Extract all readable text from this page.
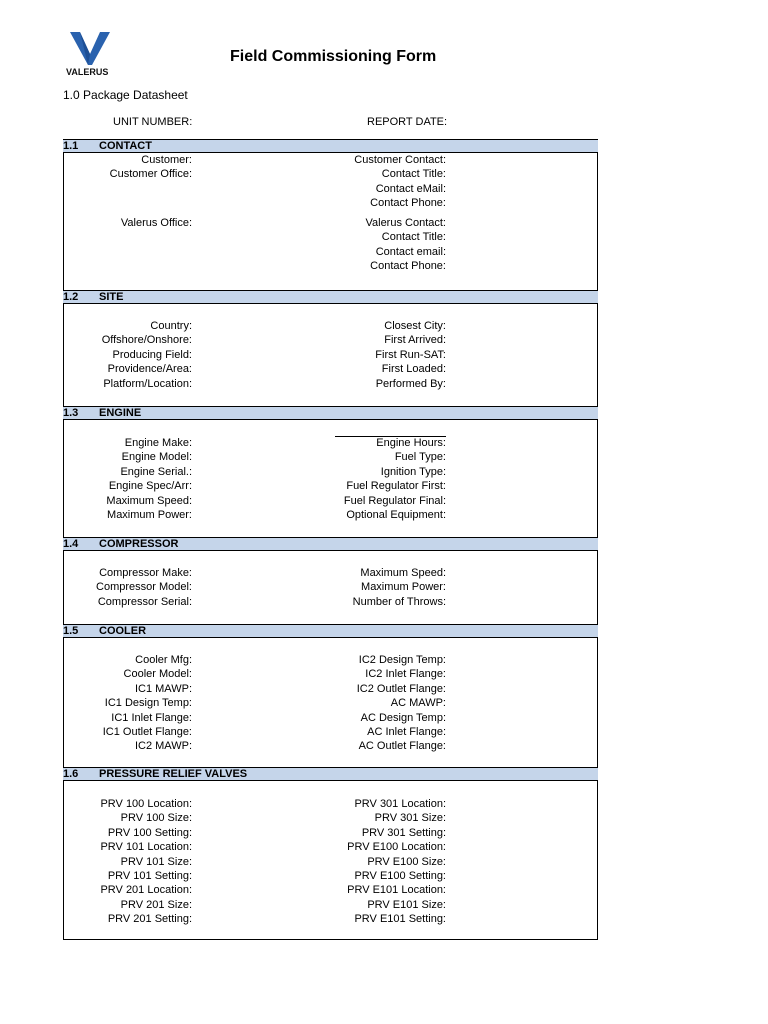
VALERUS
Field Commissioning Form
1.0 Package Datasheet
UNIT NUMBER:	REPORT DATE:
1.1 CONTACT
Customer:
Customer Office:
Valerus Office:
Customer Contact:
Contact Title:
Contact eMail:
Contact Phone:
Valerus Contact:
Contact Title:
Contact email:
Contact Phone:
1.2 SITE
Country:
Offshore/Onshore:
Producing Field:
Providence/Area:
Platform/Location:
Closest City:
First Arrived:
First Run-SAT:
First Loaded:
Performed By:
1.3 ENGINE
Engine Make:
Engine Model:
Engine Serial.:
Engine Spec/Arr:
Maximum Speed:
Maximum Power:
Engine Hours:
Fuel Type:
Ignition Type:
Fuel Regulator First:
Fuel Regulator Final:
Optional Equipment:
1.4 COMPRESSOR
Compressor Make:
Compressor Model:
Compressor Serial:
Maximum Speed:
Maximum Power:
Number of Throws:
1.5 COOLER
Cooler Mfg:
Cooler Model:
IC1 MAWP:
IC1 Design Temp:
IC1 Inlet Flange:
IC1 Outlet Flange:
IC2 MAWP:
IC2 Design Temp:
IC2 Inlet Flange:
IC2 Outlet Flange:
AC MAWP:
AC Design Temp:
AC Inlet Flange:
AC Outlet Flange:
1.6 PRESSURE RELIEF VALVES
PRV 100 Location:
PRV 100 Size:
PRV 100 Setting:
PRV 101 Location:
PRV 101 Size:
PRV 101 Setting:
PRV 201 Location:
PRV 201 Size:
PRV 201 Setting:
PRV 301 Location:
PRV 301 Size:
PRV 301 Setting:
PRV E100 Location:
PRV E100 Size:
PRV E100 Setting:
PRV E101 Location:
PRV E101 Size:
PRV E101 Setting:
